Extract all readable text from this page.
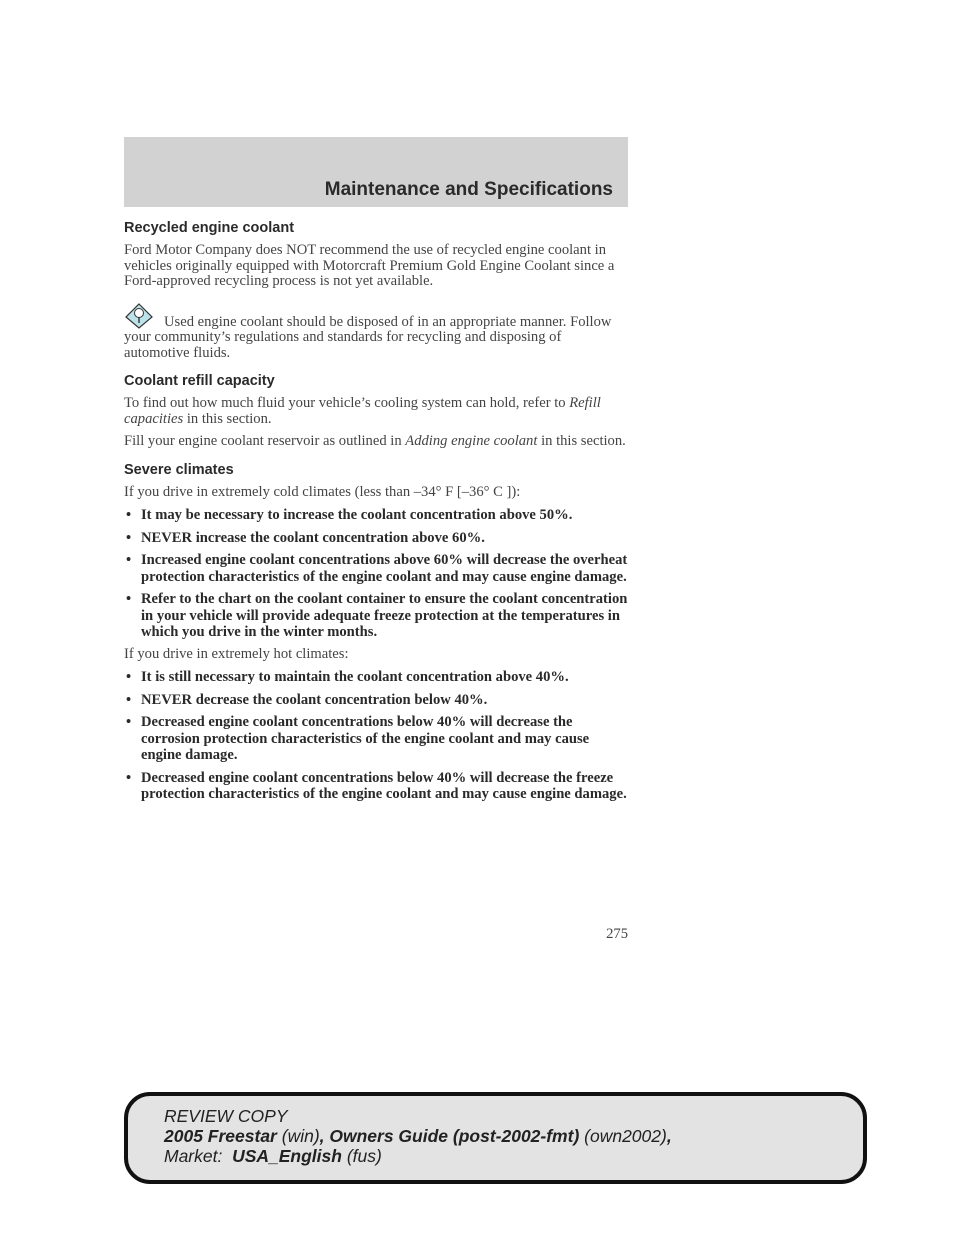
Maintenance and Specifications
Recycled engine coolant

Ford Motor Company does NOT recommend the use of recycled engine coolant in vehicles originally equipped with Motorcraft Premium Gold Engine Coolant since a Ford-approved recycling process is not yet available.

Used engine coolant should be disposed of in an appropriate manner. Follow your community’s regulations and standards for recycling and disposing of automotive fluids.

Coolant refill capacity

To find out how much fluid your vehicle’s cooling system can hold, refer to Refill capacities in this section.

Fill your engine coolant reservoir as outlined in Adding engine coolant in this section.

Severe climates

If you drive in extremely cold climates (less than –34° F [–36° C ]):

• It may be necessary to increase the coolant concentration above 50%.
• NEVER increase the coolant concentration above 60%.
• Increased engine coolant concentrations above 60% will decrease the overheat protection characteristics of the engine coolant and may cause engine damage.
• Refer to the chart on the coolant container to ensure the coolant concentration in your vehicle will provide adequate freeze protection at the temperatures in which you drive in the winter months.

If you drive in extremely hot climates:

• It is still necessary to maintain the coolant concentration above 40%.
• NEVER decrease the coolant concentration below 40%.
• Decreased engine coolant concentrations below 40% will decrease the corrosion protection characteristics of the engine coolant and may cause engine damage.
• Decreased engine coolant concentrations below 40% will decrease the freeze protection characteristics of the engine coolant and may cause engine damage.
275
REVIEW COPY
2005 Freestar (win), Owners Guide (post-2002-fmt) (own2002),
Market:  USA_English (fus)
